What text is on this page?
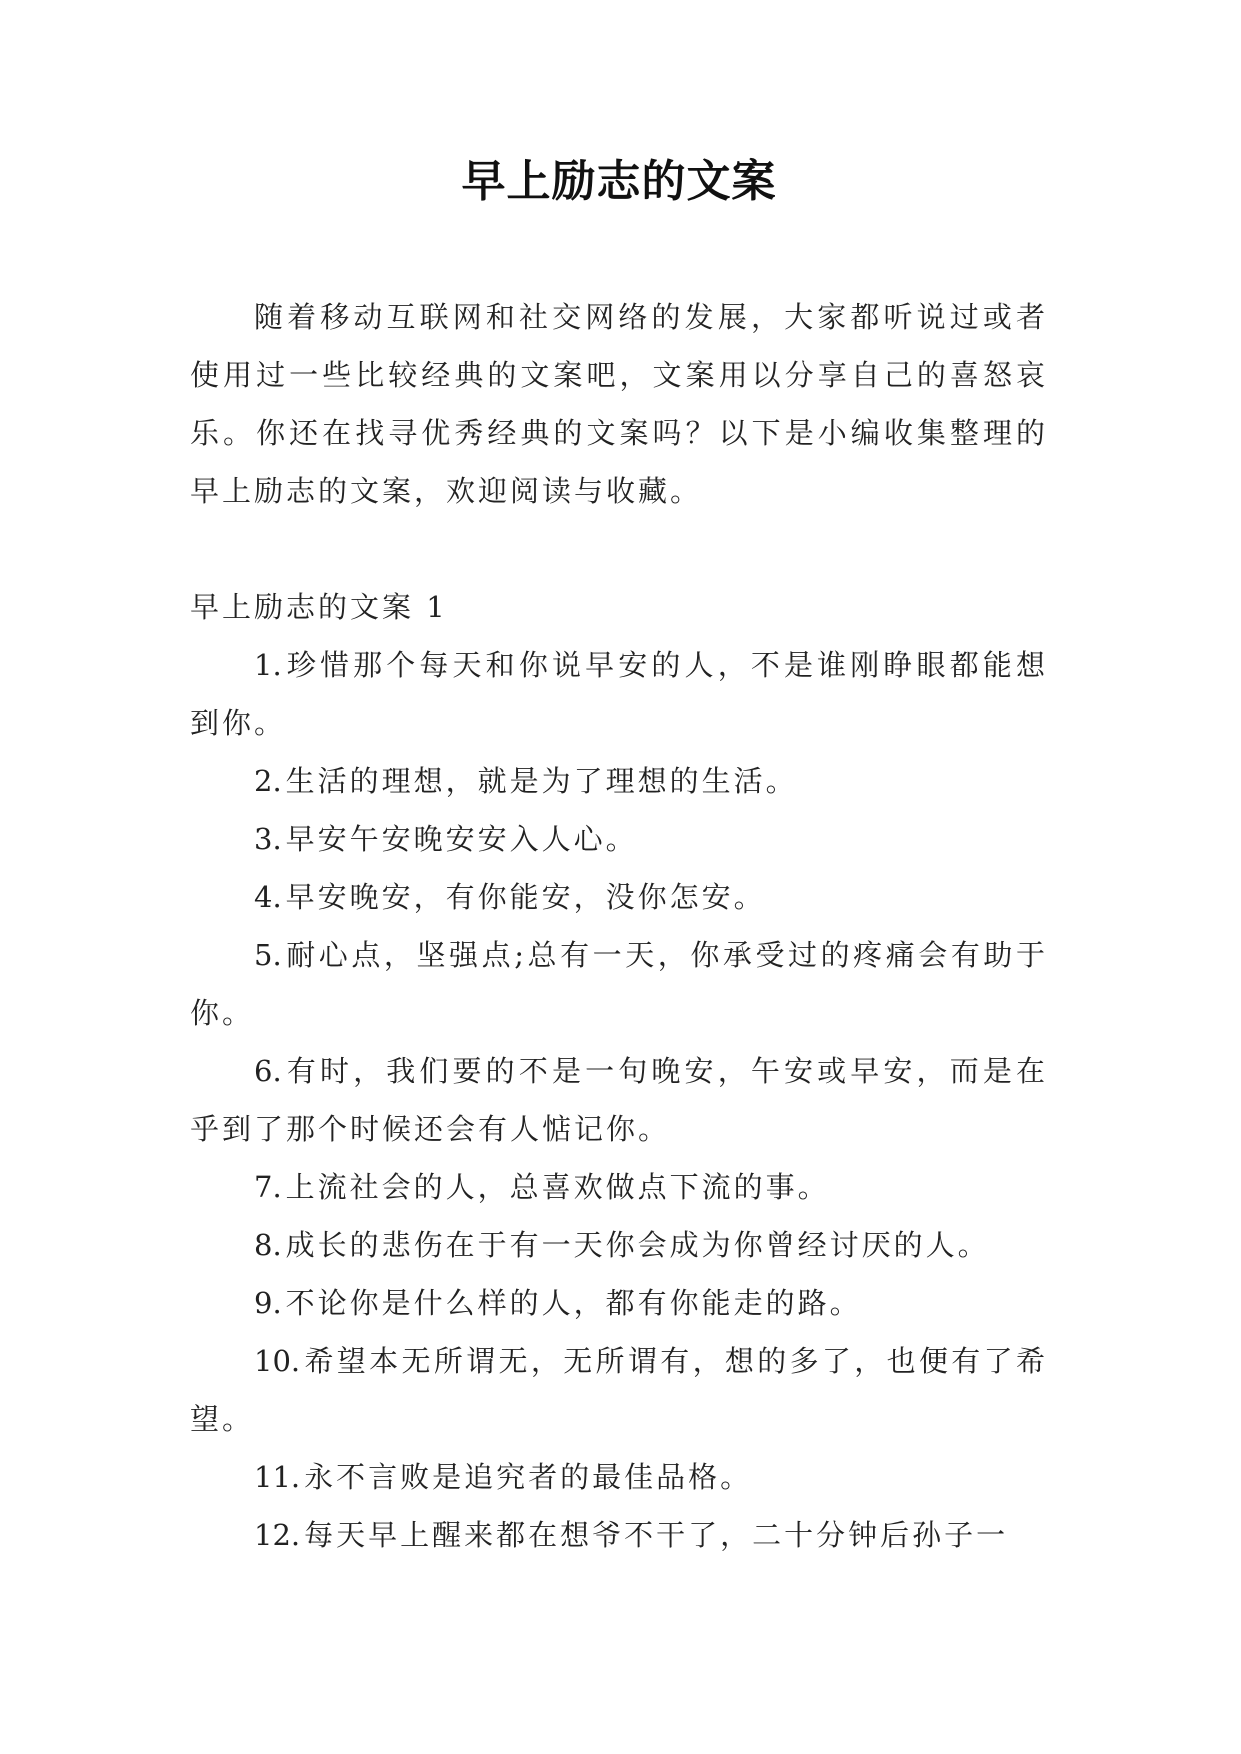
早上励志的文案

随着移动互联网和社交网络的发展，大家都听说过或者使用过一些比较经典的文案吧，文案用以分享自己的喜怒哀乐。你还在找寻优秀经典的文案吗？以下是小编收集整理的早上励志的文案，欢迎阅读与收藏。

早上励志的文案 1

1. 珍惜那个每天和你说早安的人，不是谁刚睁眼都能想到你。

2. 生活的理想，就是为了理想的生活。

3. 早安午安晚安安入人心。

4. 早安晚安，有你能安，没你怎安。

5. 耐心点，坚强点;总有一天，你承受过的疼痛会有助于你。

6. 有时，我们要的不是一句晚安，午安或早安，而是在乎到了那个时候还会有人惦记你。

7. 上流社会的人，总喜欢做点下流的事。

8. 成长的悲伤在于有一天你会成为你曾经讨厌的人。

9. 不论你是什么样的人，都有你能走的路。

10. 希望本无所谓无，无所谓有，想的多了，也便有了希望。

11. 永不言败是追究者的最佳品格。

12. 每天早上醒来都在想爷不干了，二十分钟后孙子一
